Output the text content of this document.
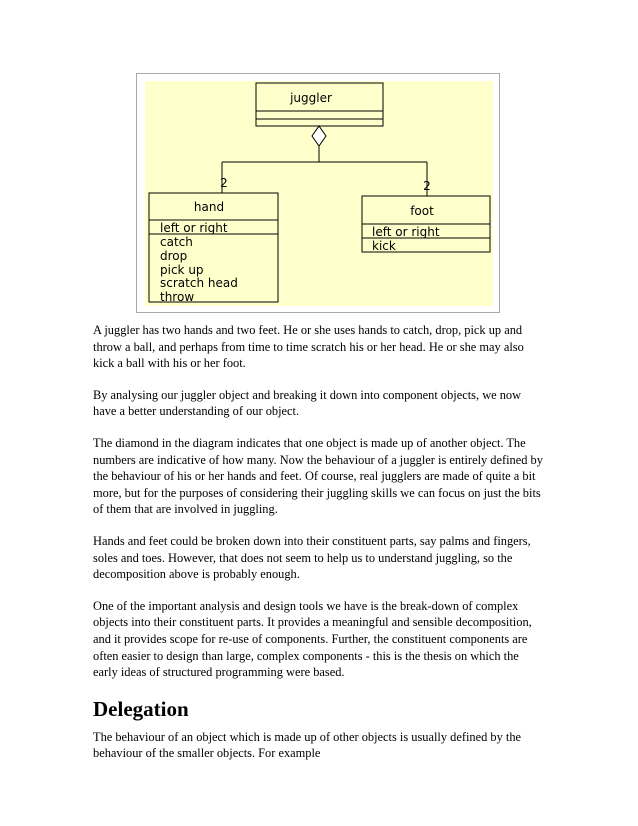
juggler
2	2
hand
left or right
catch
drop
pick up
scratch head
throw
foot
left or right
kick

A juggler has two hands and two feet. He or she uses hands to catch, drop, pick up and throw a ball, and perhaps from time to time scratch his or her head. He or she may also kick a ball with his or her foot.

By analysing our juggler object and breaking it down into component objects, we now have a better understanding of our object.

The diamond in the diagram indicates that one object is made up of another object. The numbers are indicative of how many. Now the behaviour of a juggler is entirely defined by the behaviour of his or her hands and feet. Of course, real jugglers are made of quite a bit more, but for the purposes of considering their juggling skills we can focus on just the bits of them that are involved in juggling.

Hands and feet could be broken down into their constituent parts, say palms and fingers, soles and toes. However, that does not seem to help us to understand juggling, so the decomposition above is probably enough.

One of the important analysis and design tools we have is the break-down of complex objects into their constituent parts. It provides a meaningful and sensible decomposition, and it provides scope for re-use of components. Further, the constituent components are often easier to design than large, complex components - this is the thesis on which the early ideas of structured programming were based.

Delegation

The behaviour of an object which is made up of other objects is usually defined by the behaviour of the smaller objects. For example
